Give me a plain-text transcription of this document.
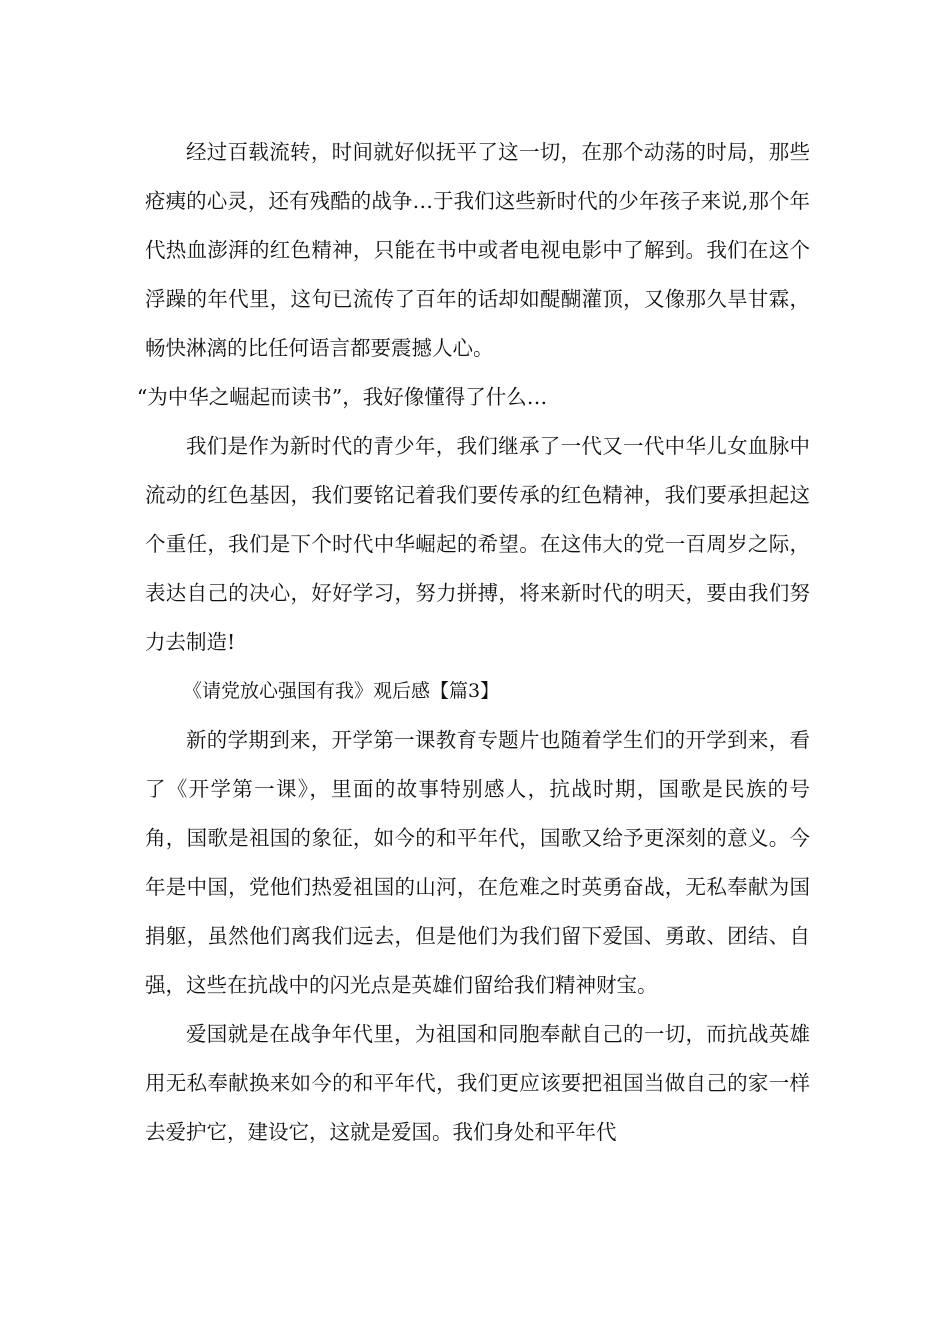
经过百载流转，时间就好似抚平了这一切，在那个动荡的时局，那些疮痍的心灵，还有残酷的战争…于我们这些新时代的少年孩子来说,那个年代热血澎湃的红色精神，只能在书中或者电视电影中了解到。我们在这个浮躁的年代里，这句已流传了百年的话却如醍醐灌顶，又像那久旱甘霖，畅快淋漓的比任何语言都要震撼人心。

“为中华之崛起而读书”，我好像懂得了什么…

我们是作为新时代的青少年，我们继承了一代又一代中华儿女血脉中流动的红色基因，我们要铭记着我们要传承的红色精神，我们要承担起这个重任，我们是下个时代中华崛起的希望。在这伟大的党一百周岁之际，表达自己的决心，好好学习，努力拼搏，将来新时代的明天，要由我们努力去制造!

《请党放心强国有我》观后感【篇3】

新的学期到来，开学第一课教育专题片也随着学生们的开学到来，看了《开学第一课》，里面的故事特别感人，抗战时期，国歌是民族的号角，国歌是祖国的象征，如今的和平年代，国歌又给予更深刻的意义。今年是中国，党他们热爱祖国的山河，在危难之时英勇奋战，无私奉献为国捐躯，虽然他们离我们远去，但是他们为我们留下爱国、勇敢、团结、自强，这些在抗战中的闪光点是英雄们留给我们精神财宝。

爱国就是在战争年代里，为祖国和同胞奉献自己的一切，而抗战英雄用无私奉献换来如今的和平年代，我们更应该要把祖国当做自己的家一样去爱护它，建设它，这就是爱国。我们身处和平年代
